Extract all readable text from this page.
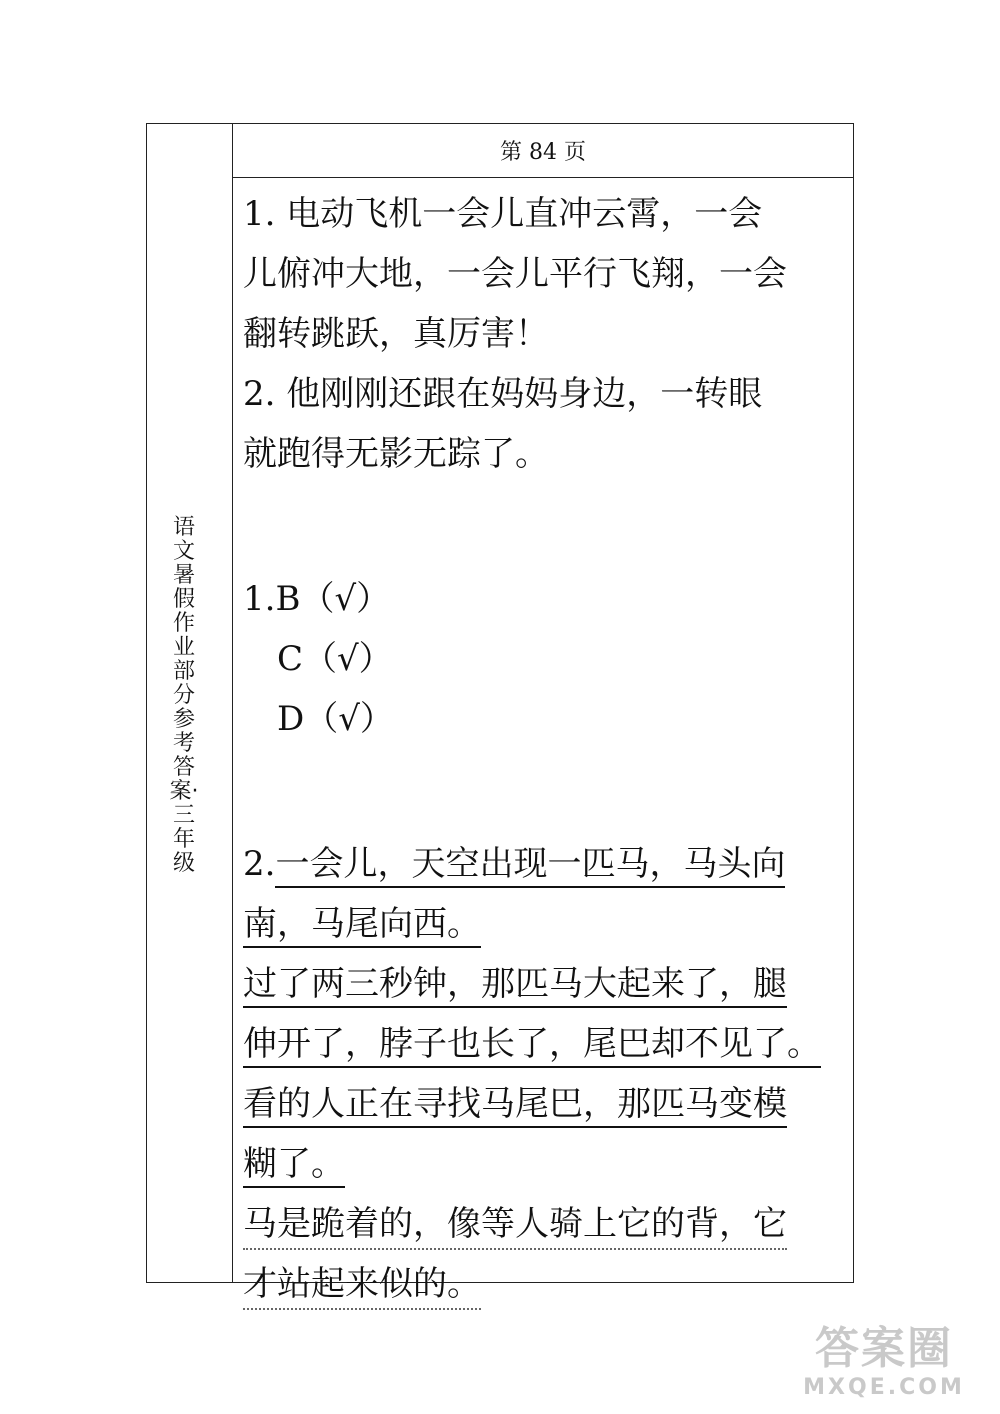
语文暑假作业部分参考答案·三年级
第 84 页
1. 电动飞机一会儿直冲云霄，一会
儿俯冲大地，一会儿平行飞翔，一会
翻转跳跃，真厉害！
2. 他刚刚还跟在妈妈身边，一转眼
就跑得无影无踪了。
1.B（√）
C（√）
D（√）
2.一会儿，天空出现一匹马，马头向
南，马尾向西。
过了两三秒钟，那匹马大起来了，腿
伸开了，脖子也长了，尾巴却不见了。
看的人正在寻找马尾巴，那匹马变模
糊了。
马是跪着的，像等人骑上它的背，它
才站起来似的。
答案圈
MXQE.COM
